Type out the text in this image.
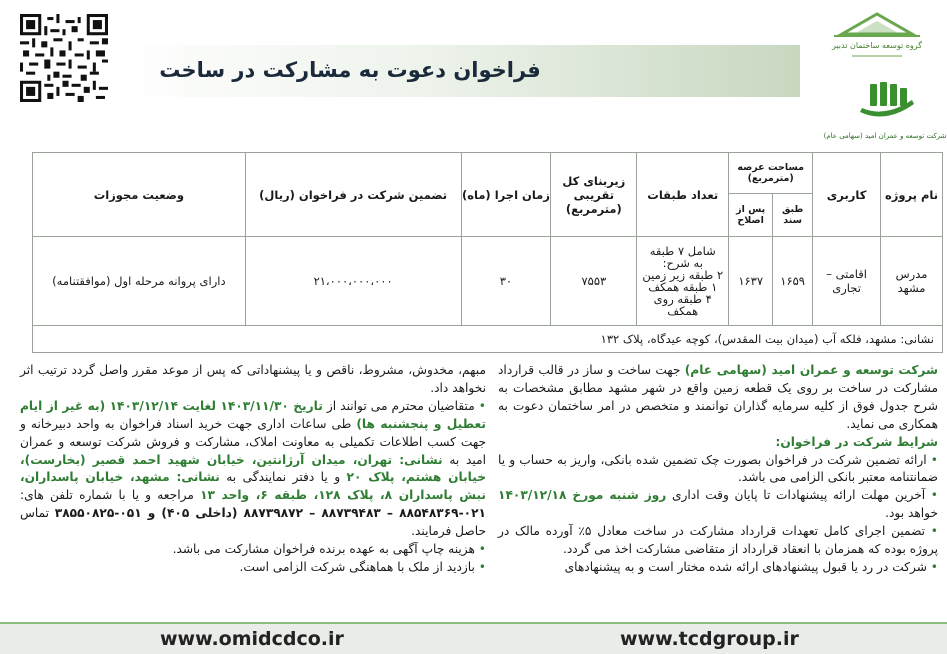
فراخوان دعوت به مشارکت در ساخت
گروه توسعه ساختمان تدبیر
شرکت توسعه و عمران امید (سهامی عام)
نام پروژه	کاربری	مساحت عرصه (مترمربع)		تعداد طبقات	زیربنای کل تقریبی (مترمربع)	زمان اجرا (ماه)	تضمین شرکت در فراخوان (ریال)	وضعیت مجوزات
		طبق سند	پس از اصلاح					
مدرس مشهد	اقامتی – تجاری	۱۶۵۹	۱۶۳۷	شامل ۷ طبقه
به شرح:
۲ طبقه زیر زمین
۱ طبقه همکف
۴ طبقه روی همکف	۷۵۵۳	۳۰	۲۱،۰۰۰،۰۰۰،۰۰۰	دارای پروانه مرحله اول (موافقتنامه)
نشانی: مشهد، فلکه آب (میدان بیت المقدس)، کوچه عیدگاه، پلاک ۱۳۲								
شرکت توسعه و عمران امید (سهامی عام) جهت ساخت و ساز در قالب قرارداد مشارکت در ساخت بر روی یک قطعه زمین واقع در شهر مشهد مطابق مشخصات به شرح جدول فوق از کلیه سرمایه گذاران توانمند و متخصص در امر ساختمان دعوت به همکاری می نماید.
شرایط شرکت در فراخوان:
• ارائه تضمین شرکت در فراخوان بصورت چک تضمین شده بانکی، واریز به حساب و یا ضمانتنامه معتبر بانکی الزامی می باشد.
• آخرین مهلت ارائه پیشنهادات تا پایان وقت اداری روز شنبه مورخ ۱۴۰۳/۱۲/۱۸ خواهد بود.
• تضمین اجرای کامل تعهدات قرارداد مشارکت در ساخت معادل ۵٪ آورده مالک در پروژه بوده که همزمان با انعقاد قرارداد از متقاضی مشارکت اخذ می گردد.
• شرکت در رد یا قبول پیشنهادهای ارائه شده مختار است و به پیشنهادهای
مبهم، مخدوش، مشروط، ناقص و یا پیشنهاداتی که پس از موعد مقرر واصل گردد ترتیب اثر نخواهد داد.
• متقاضیان محترم می توانند از تاریخ ۱۴۰۳/۱۱/۳۰ لغایت ۱۴۰۳/۱۲/۱۴ (به غیر از ایام تعطیل و پنجشنبه ها) طی ساعات اداری جهت خرید اسناد فراخوان به واحد دبیرخانه و جهت کسب اطلاعات تکمیلی به معاونت املاک، مشارکت و فروش شرکت توسعه و عمران امید به نشانی: تهران، میدان آرژانتین، خیابان شهید احمد قصیر (بخارست)، خیابان هشتم، پلاک ۲۰ و یا دفتر نمایندگی به نشانی: مشهد، خیابان پاسداران، نبش پاسداران ۸، پلاک ۱۲۸، طبقه ۶، واحد ۱۳ مراجعه و یا با شماره تلفن های: ۰۲۱-۸۸۵۴۸۳۶۹ – ۸۸۷۳۹۴۸۳ – ۸۸۷۳۹۸۷۲ (داخلی ۴۰۵) و ۰۵۱-۳۸۵۵۰۸۲۵ تماس حاصل فرمایند.
• هزینه چاپ آگهی به عهده برنده فراخوان مشارکت می باشد.
• بازدید از ملک با هماهنگی شرکت الزامی است.
www.omidcdco.ir	www.tcdgroup.ir
